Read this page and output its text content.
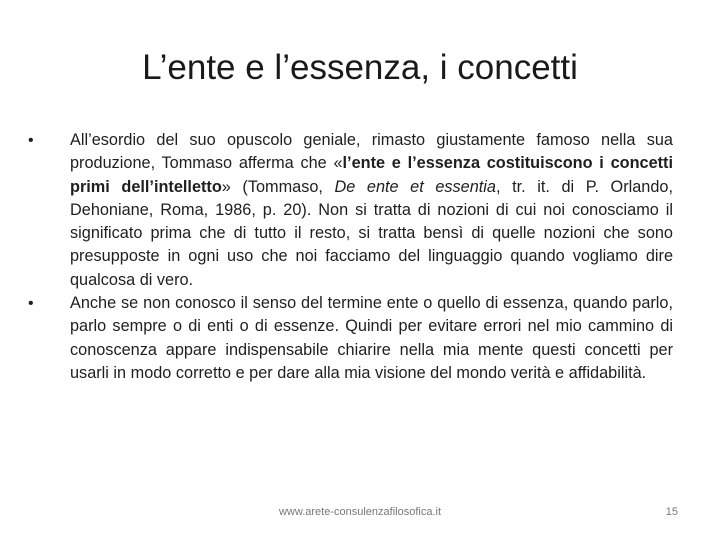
L’ente e l’essenza, i concetti
•	All’esordio del suo opuscolo geniale, rimasto giustamente famoso nella sua produzione, Tommaso afferma che «l’ente e l’essenza costituiscono i concetti primi dell’intelletto» (Tommaso, De ente et essentia, tr. it. di P. Orlando, Dehoniane, Roma, 1986, p. 20). Non si tratta di nozioni di cui noi conosciamo il significato prima che di tutto il resto, si tratta bensì di quelle nozioni che sono presupposte in ogni uso che noi facciamo del linguaggio quando vogliamo dire qualcosa di vero.
•	Anche se non conosco il senso del termine ente o quello di essenza, quando parlo, parlo sempre o di enti o di essenze. Quindi per evitare errori nel mio cammino di conoscenza appare indispensabile chiarire nella mia mente questi concetti per usarli in modo corretto e per dare alla mia visione del mondo verità e affidabilità.
www.arete-consulenzafilosofica.it	15
